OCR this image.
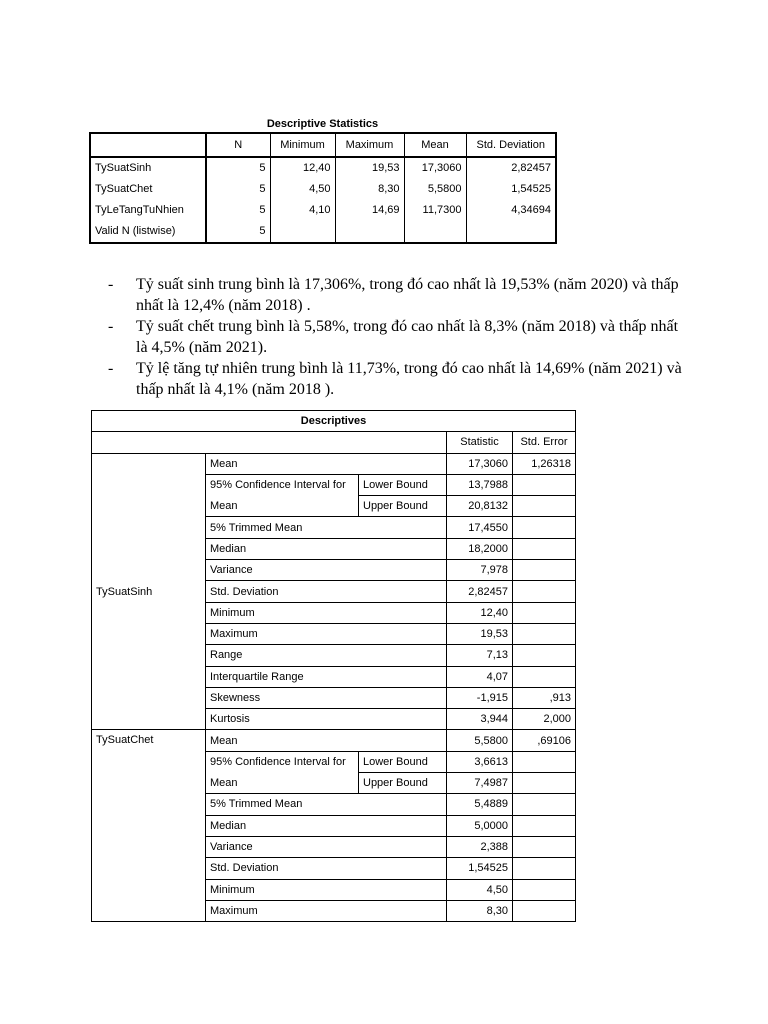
Descriptive Statistics
	N	Minimum	Maximum	Mean	Std. Deviation
TySuatSinh	5	12,40	19,53	17,3060	2,82457
TySuatChet	5	4,50	8,30	5,5800	1,54525
TyLeTangTuNhien	5	4,10	14,69	11,7300	4,34694
Valid N (listwise)	5				
- Tỷ suất sinh trung bình là 17,306%, trong đó cao nhất là 19,53% (năm 2020) và thấp nhất là 12,4% (năm 2018) .
- Tỷ suất chết trung bình là 5,58%, trong đó cao nhất là 8,3% (năm 2018) và thấp nhất là 4,5% (năm 2021).
- Tỷ lệ tăng tự nhiên trung bình là 11,73%, trong đó cao nhất là 14,69% (năm 2021) và thấp nhất là 4,1% (năm 2018 ).
Descriptives				
			Statistic	Std. Error
TySuatSinh	Mean		17,3060	1,26318
	95% Confidence Interval for	Lower Bound	13,7988	
	Mean	Upper Bound	20,8132	
	5% Trimmed Mean		17,4550	
	Median		18,2000	
	Variance		7,978	
	Std. Deviation		2,82457	
	Minimum		12,40	
	Maximum		19,53	
	Range		7,13	
	Interquartile Range		4,07	
	Skewness		-1,915	,913
	Kurtosis		3,944	2,000
TySuatChet	Mean		5,5800	,69106
	95% Confidence Interval for	Lower Bound	3,6613	
	Mean	Upper Bound	7,4987	
	5% Trimmed Mean		5,4889	
	Median		5,0000	
	Variance		2,388	
	Std. Deviation		1,54525	
	Minimum		4,50	
	Maximum		8,30	
